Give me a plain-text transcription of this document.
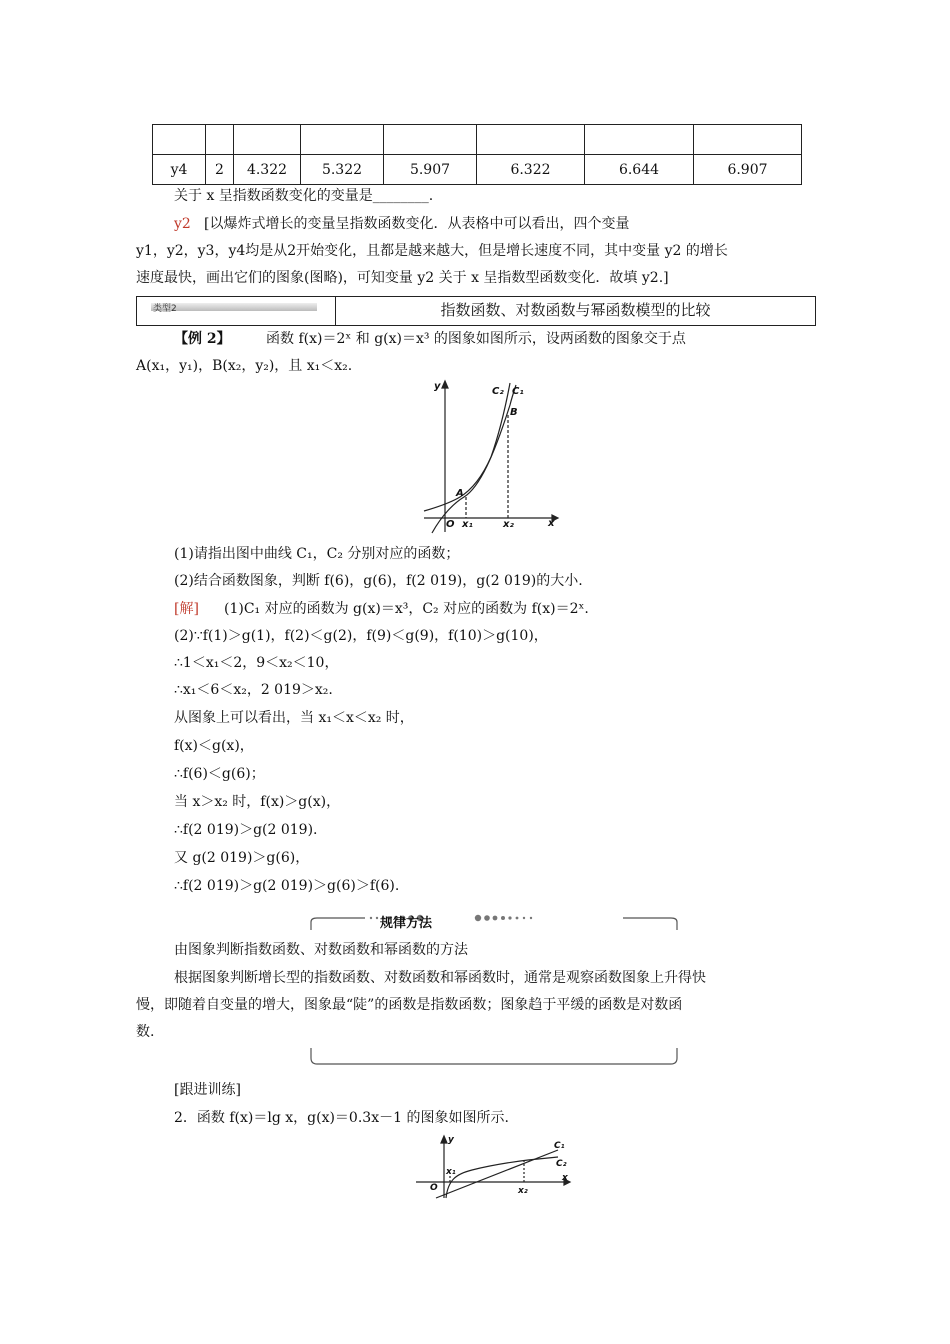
y4	2	4.322	5.322	5.907	6.322	6.644	6.907
关于 x 呈指数函数变化的变量是________.
y2 [以爆炸式增长的变量呈指数函数变化．从表格中可以看出，四个变量
y1，y2，y3，y4均是从2开始变化，且都是越来越大，但是增长速度不同，其中变量 y2 的增长
速度最快，画出它们的图象(图略)，可知变量 y2 关于 x 呈指数型函数变化．故填 y2.]
类型2	指数函数、对数函数与幂函数模型的比较
【例 2】	函数 f(x)＝2ˣ 和 g(x)＝x³ 的图象如图所示，设两函数的图象交于点
A(x₁，y₁)，B(x₂，y₂)，且 x₁＜x₂.
y
x
O
A
B
C₂ C₁
x₁	x₂
(1)请指出图中曲线 C₁，C₂ 分别对应的函数；
(2)结合函数图象，判断 f(6)，g(6)，f(2 019)，g(2 019)的大小.
[解] (1)C₁ 对应的函数为 g(x)＝x³，C₂ 对应的函数为 f(x)＝2ˣ.
(2)∵f(1)＞g(1)，f(2)＜g(2)，f(9)＜g(9)，f(10)＞g(10)，
∴1＜x₁＜2，9＜x₂＜10，
∴x₁＜6＜x₂，2 019＞x₂.
从图象上可以看出，当 x₁＜x＜x₂ 时，
f(x)＜g(x)，
∴f(6)＜g(6)；
当 x＞x₂ 时，f(x)＞g(x)，
∴f(2 019)＞g(2 019).
又 g(2 019)＞g(6)，
∴f(2 019)＞g(2 019)＞g(6)＞f(6).
规律方法
由图象判断指数函数、对数函数和幂函数的方法
根据图象判断增长型的指数函数、对数函数和幂函数时，通常是观察函数图象上升得快
慢，即随着自变量的增大，图象最“陡”的函数是指数函数；图象趋于平缓的函数是对数函
数.
[跟进训练]
2．函数 f(x)＝lg x，g(x)＝0.3x－1 的图象如图所示.
y
x
O
x₁
x₂
C₁
C₂
